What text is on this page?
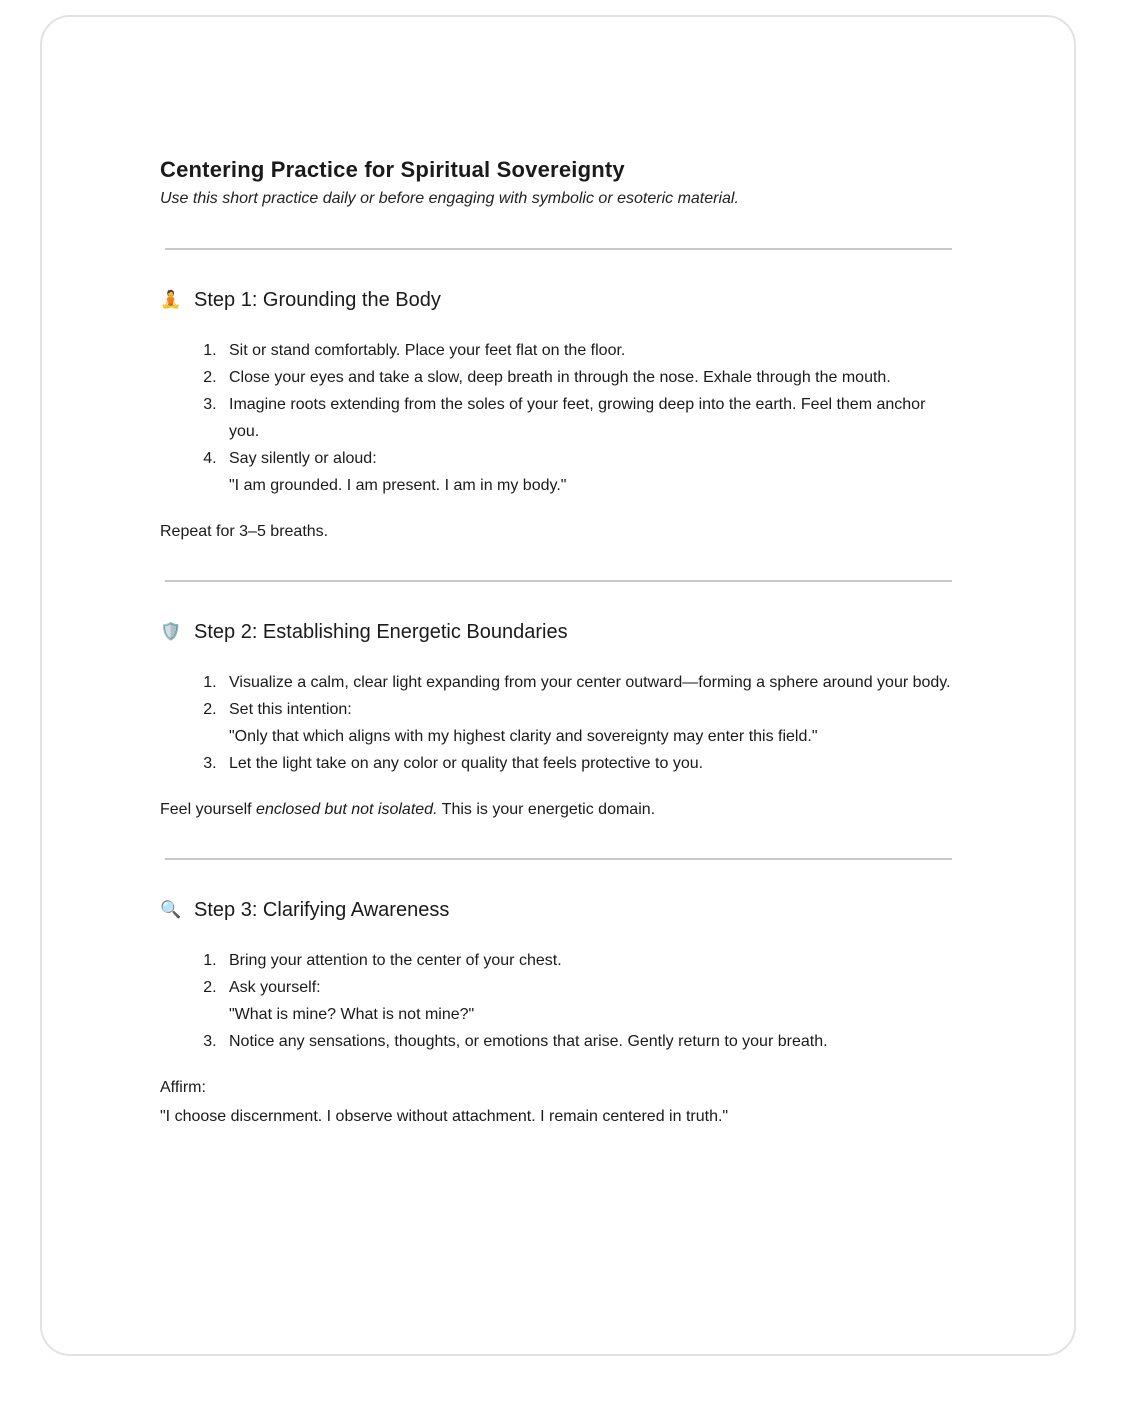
Centering Practice for Spiritual Sovereignty

Use this short practice daily or before engaging with symbolic or esoteric material.

🧘 Step 1: Grounding the Body
1. Sit or stand comfortably. Place your feet flat on the floor.
2. Close your eyes and take a slow, deep breath in through the nose. Exhale through the mouth.
3. Imagine roots extending from the soles of your feet, growing deep into the earth. Feel them anchor you.
4. Say silently or aloud:
"I am grounded. I am present. I am in my body."

Repeat for 3–5 breaths.

🛡️ Step 2: Establishing Energetic Boundaries
1. Visualize a calm, clear light expanding from your center outward—forming a sphere around your body.
2. Set this intention:
"Only that which aligns with my highest clarity and sovereignty may enter this field."
3. Let the light take on any color or quality that feels protective to you.

Feel yourself enclosed but not isolated. This is your energetic domain.

🔍 Step 3: Clarifying Awareness
1. Bring your attention to the center of your chest.
2. Ask yourself:
"What is mine? What is not mine?"
3. Notice any sensations, thoughts, or emotions that arise. Gently return to your breath.

Affirm:

"I choose discernment. I observe without attachment. I remain centered in truth."
